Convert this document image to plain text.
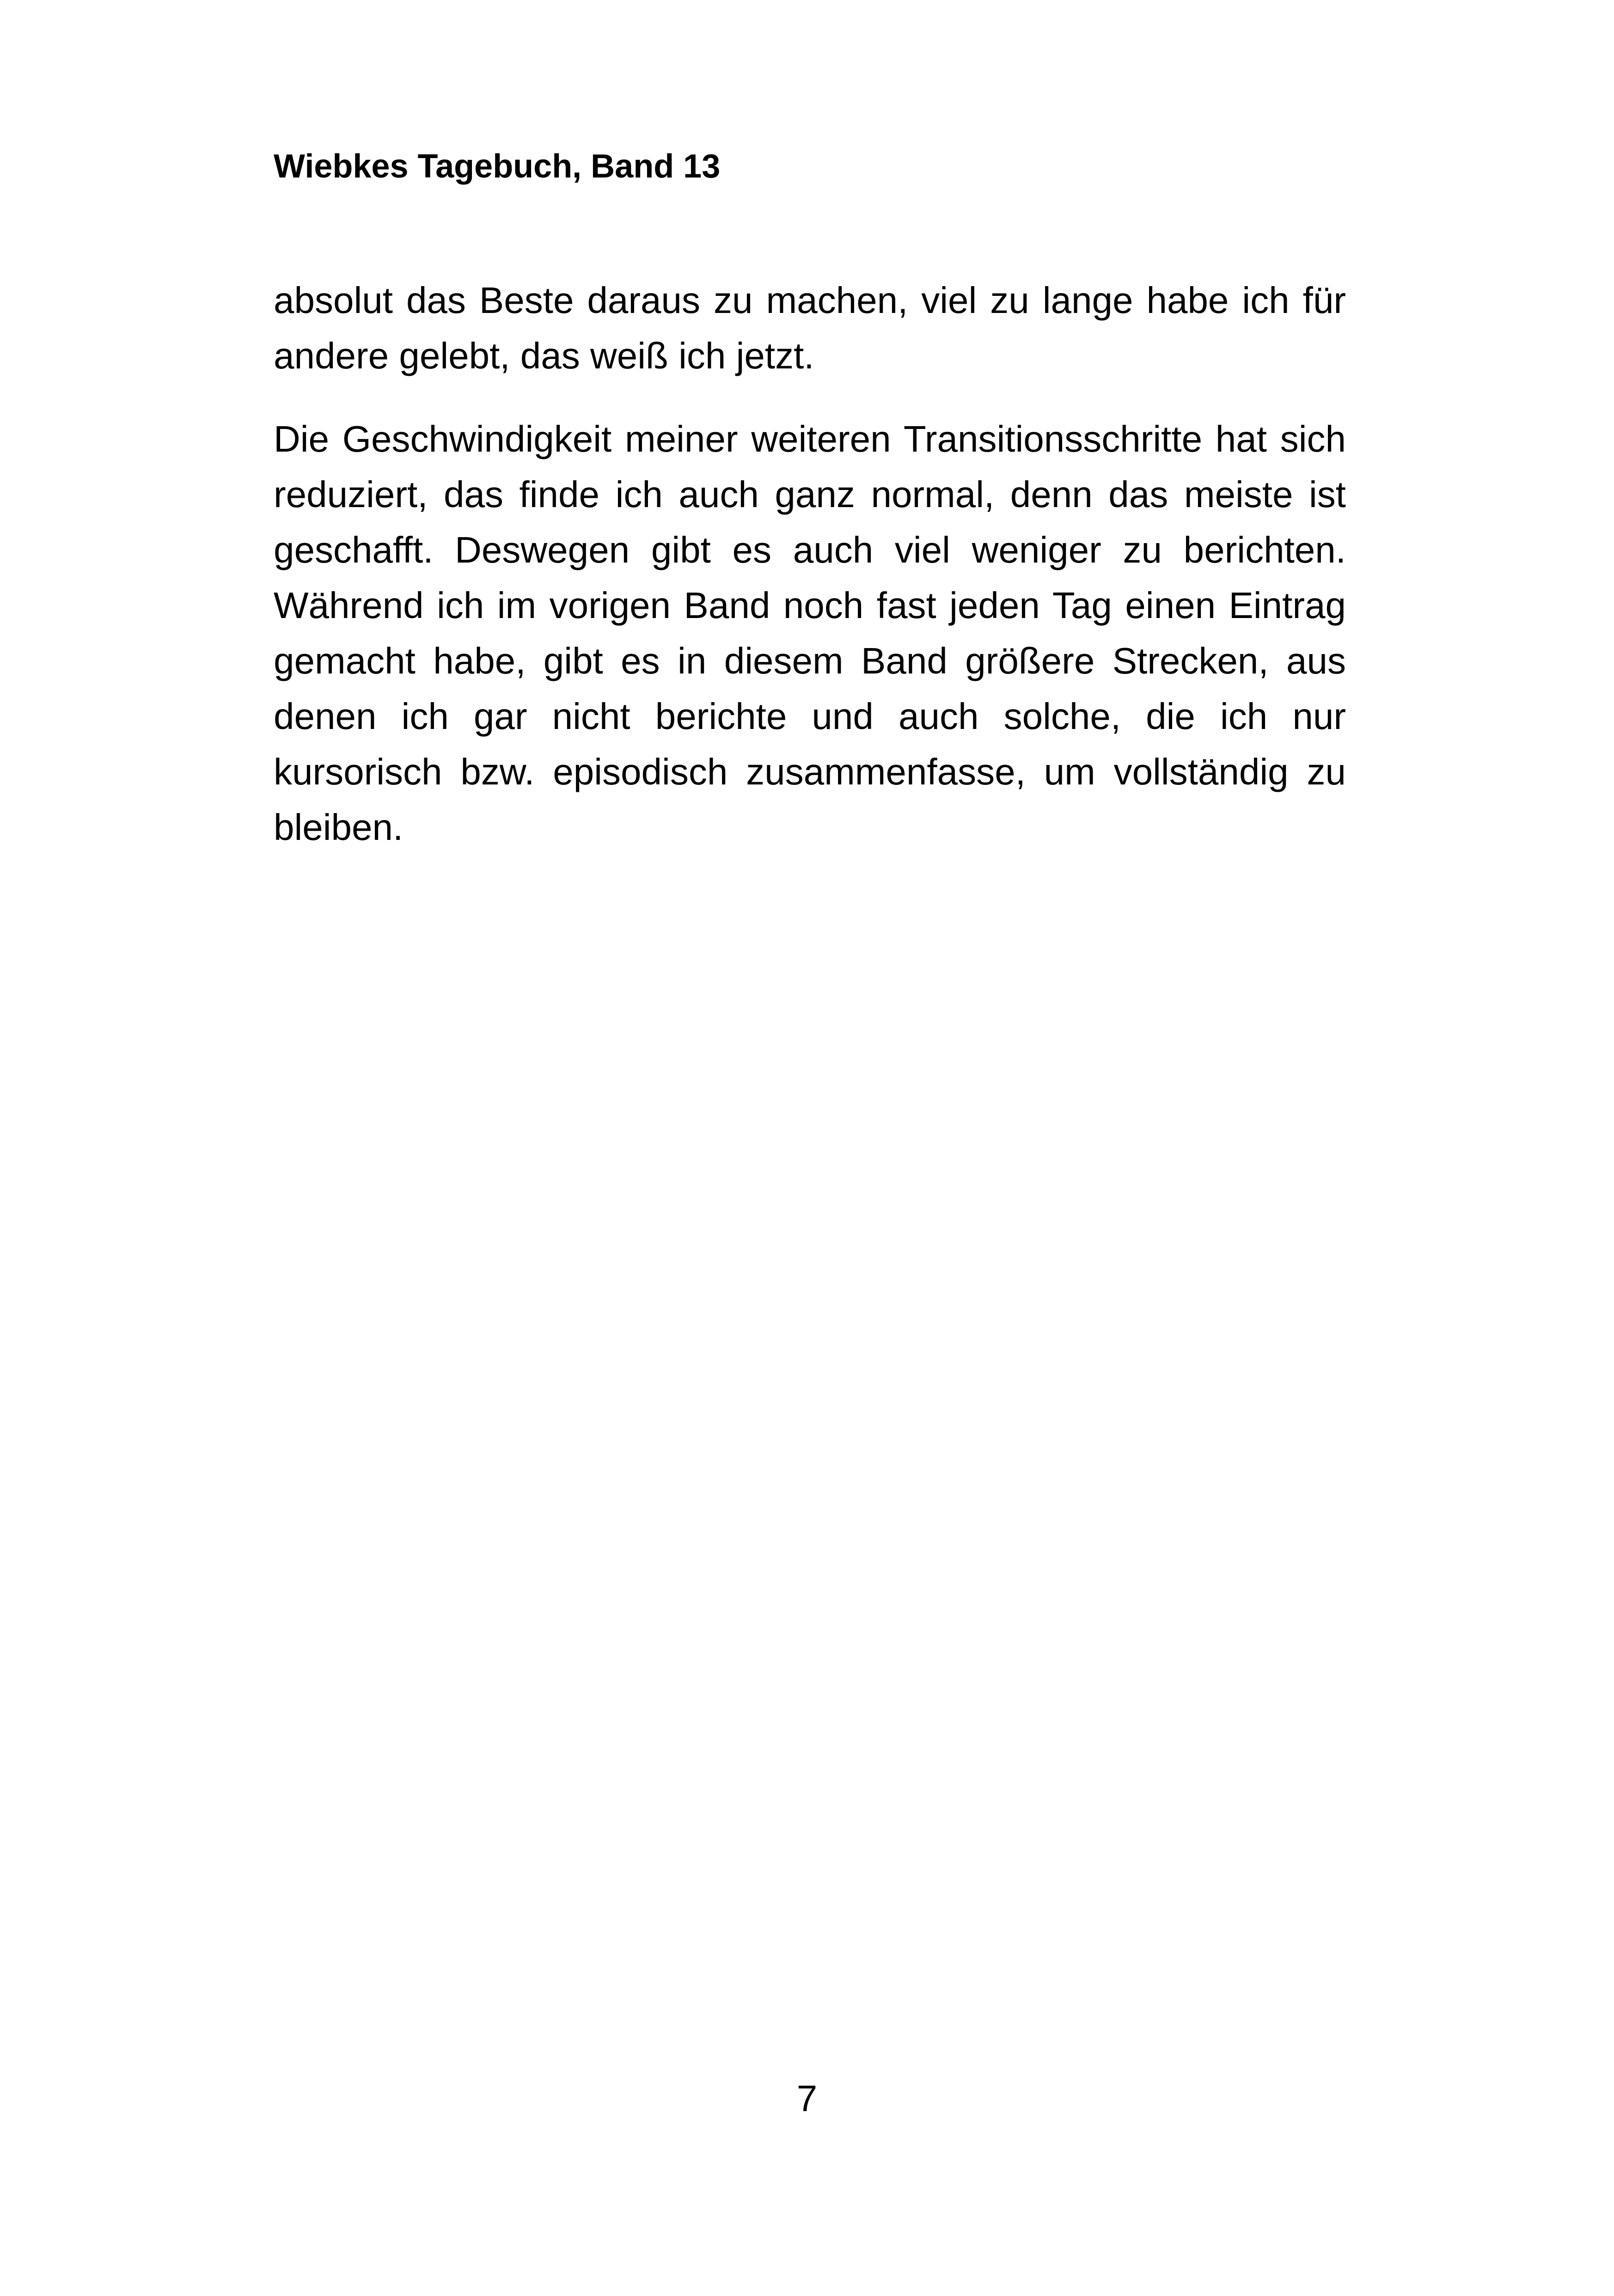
Wiebkes Tagebuch, Band 13

absolut das Beste daraus zu machen, viel zu lange habe ich für andere gelebt, das weiß ich jetzt.

Die Geschwindigkeit meiner weiteren Transitionsschritte hat sich reduziert, das finde ich auch ganz normal, denn das meiste ist geschafft. Deswegen gibt es auch viel weniger zu berichten. Während ich im vorigen Band noch fast jeden Tag einen Eintrag gemacht habe, gibt es in diesem Band größere Strecken, aus denen ich gar nicht berichte und auch solche, die ich nur kursorisch bzw. episodisch zusammenfasse, um vollständig zu bleiben.

7
